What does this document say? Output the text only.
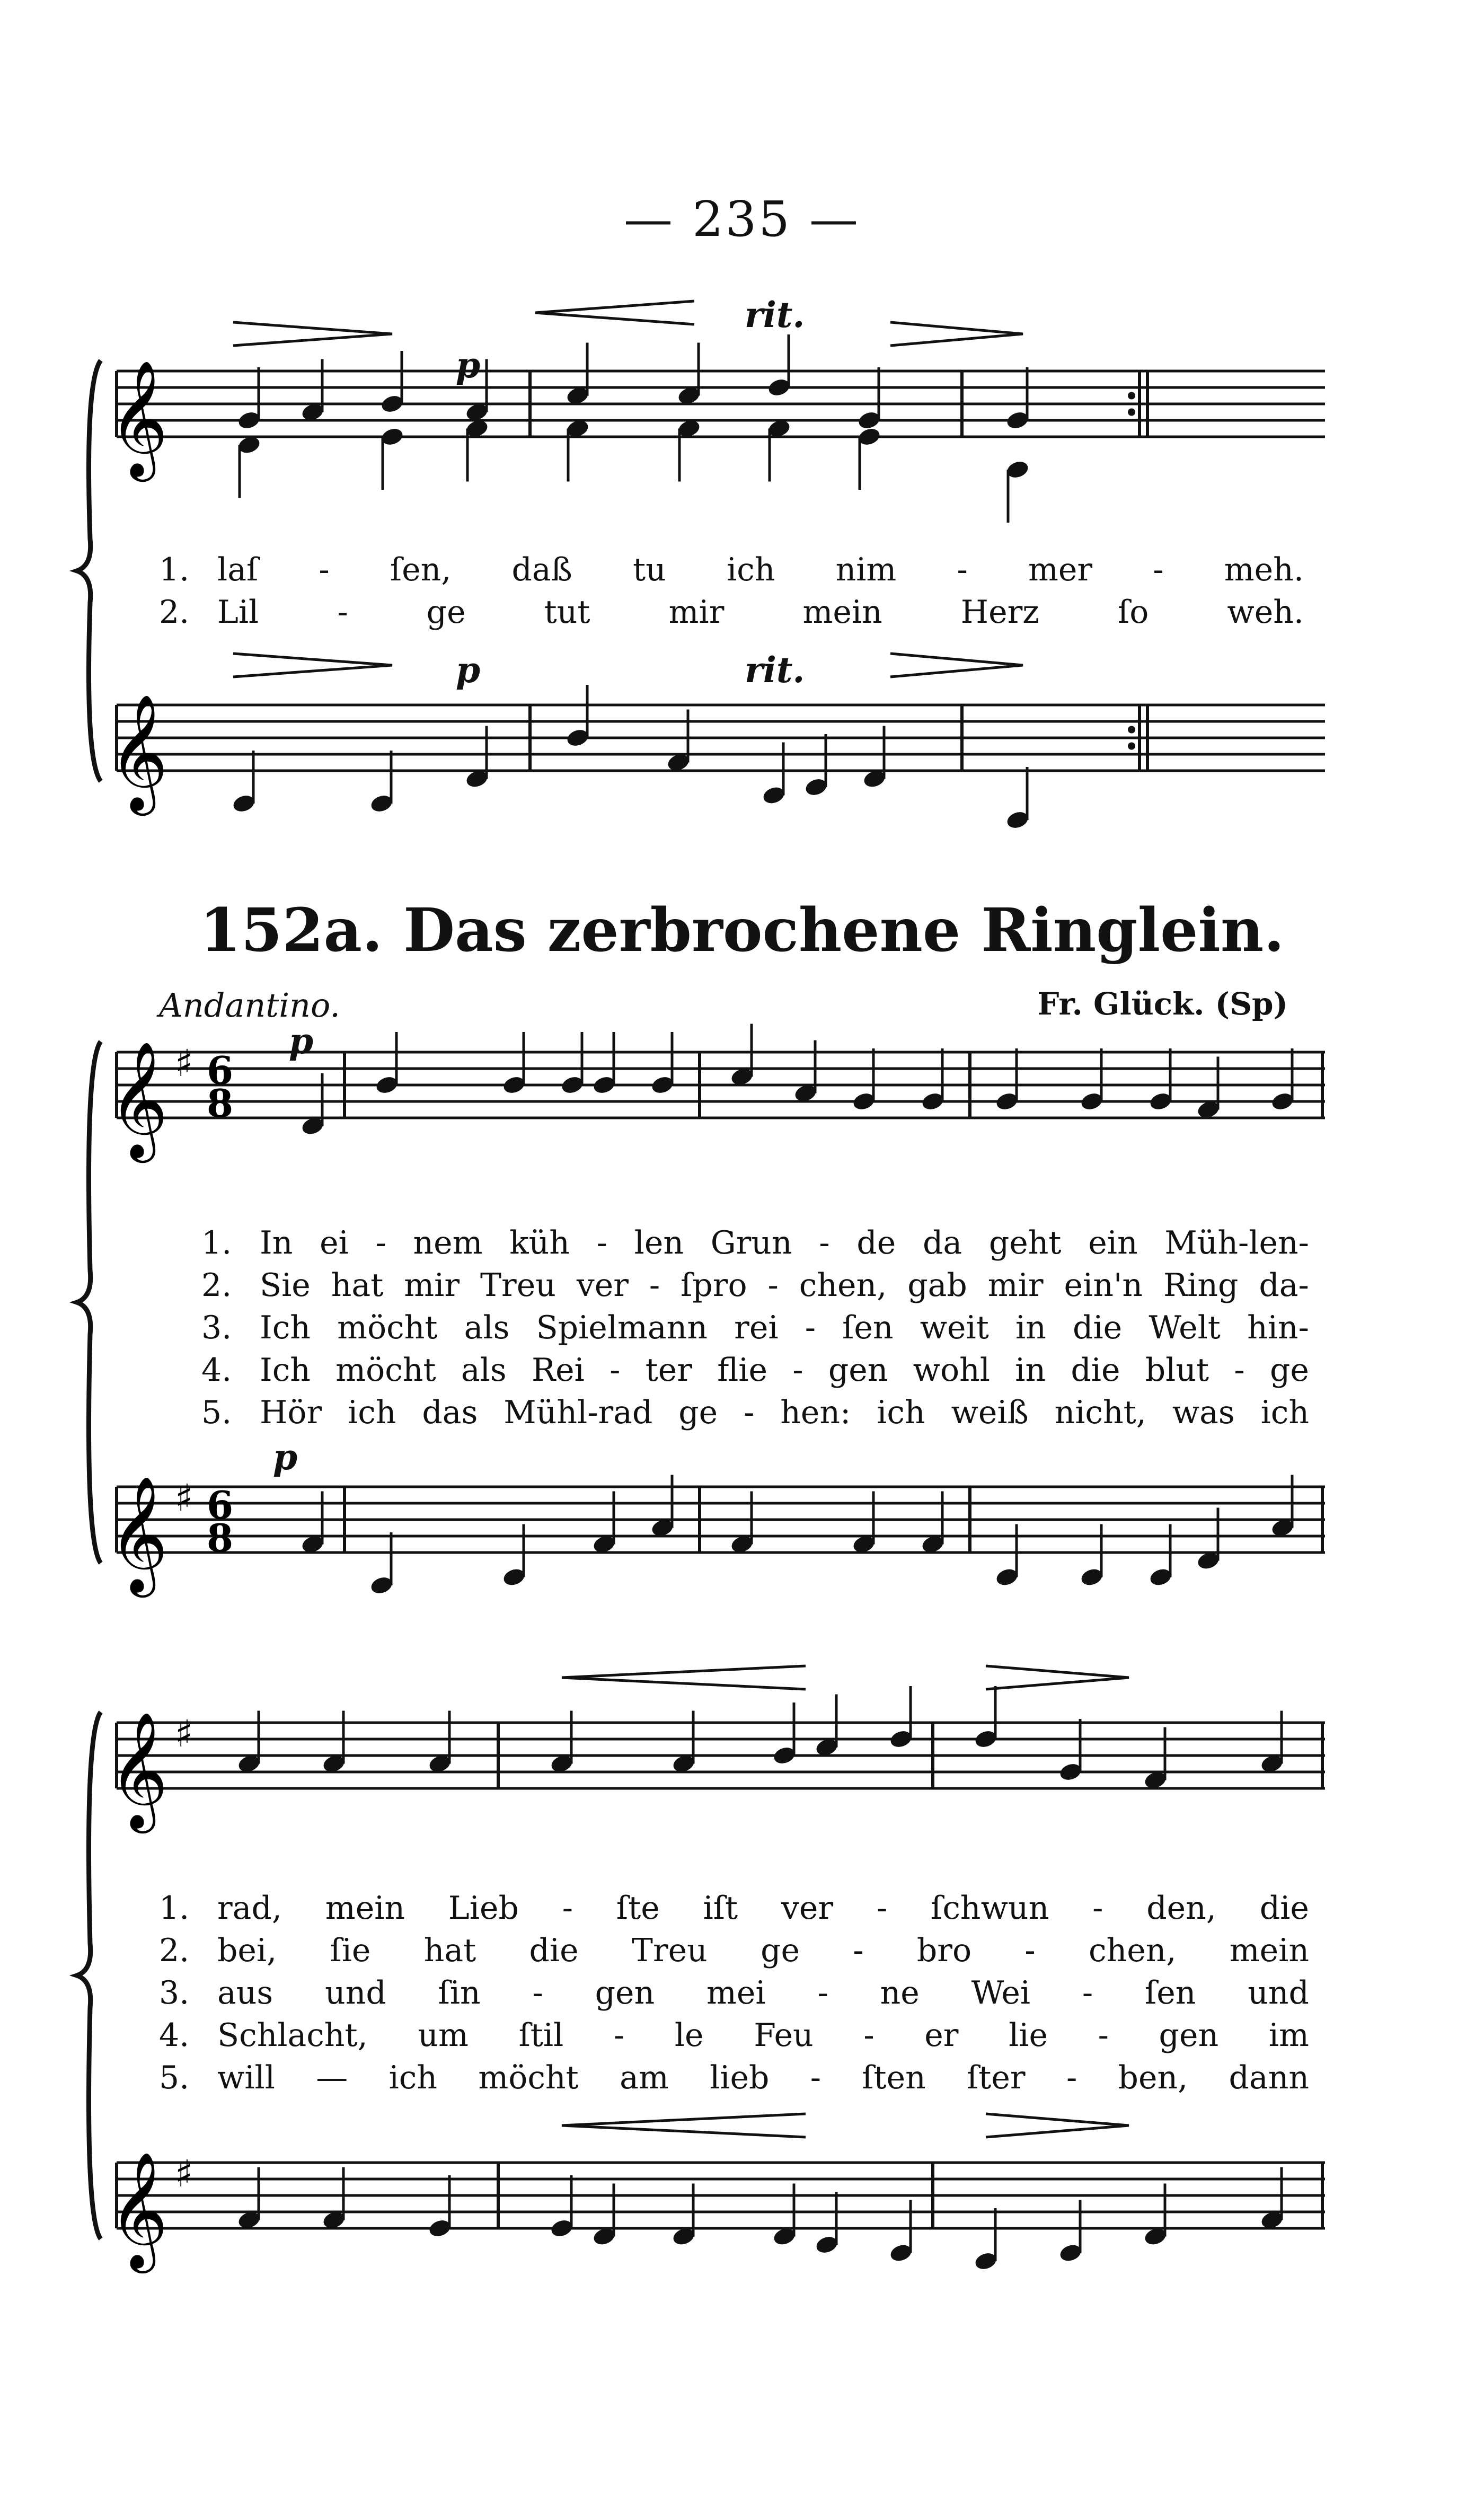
— 235 —
𝄞
𝄞
𝄞
𝄞
♯
♯
6
8
6
8
𝄞
𝄞
♯
♯
p
rit.
p	rit.
1. laſ - ſen, daß tu ich nim - mer - meh.
2. Lil - ge tut mir mein Herz ſo weh.
152a. Das zerbrochene Ringlein.
Andantino.	Fr. Glück. (Sp)
p
p
1. In ei - nem küh - len Grun - de da geht ein Müh-len-
2. Sie hat mir Treu ver - ſpro - chen, gab mir ein'n Ring da-
3. Ich möcht als Spielmann rei - ſen weit in die Welt hin-
4. Ich möcht als Rei - ter flie - gen wohl in die blut - ge
5. Hör ich das Mühl-rad ge - hen: ich weiß nicht, was ich
1. rad, mein Lieb - ſte iſt ver - ſchwun - den, die
2. bei, ſie hat die Treu ge - bro - chen, mein
3. aus und ſin - gen mei - ne Wei - ſen und
4. Schlacht, um ſtil - le Feu - er lie - gen im
5. will — ich möcht am lieb - ſten ſter - ben, dann
